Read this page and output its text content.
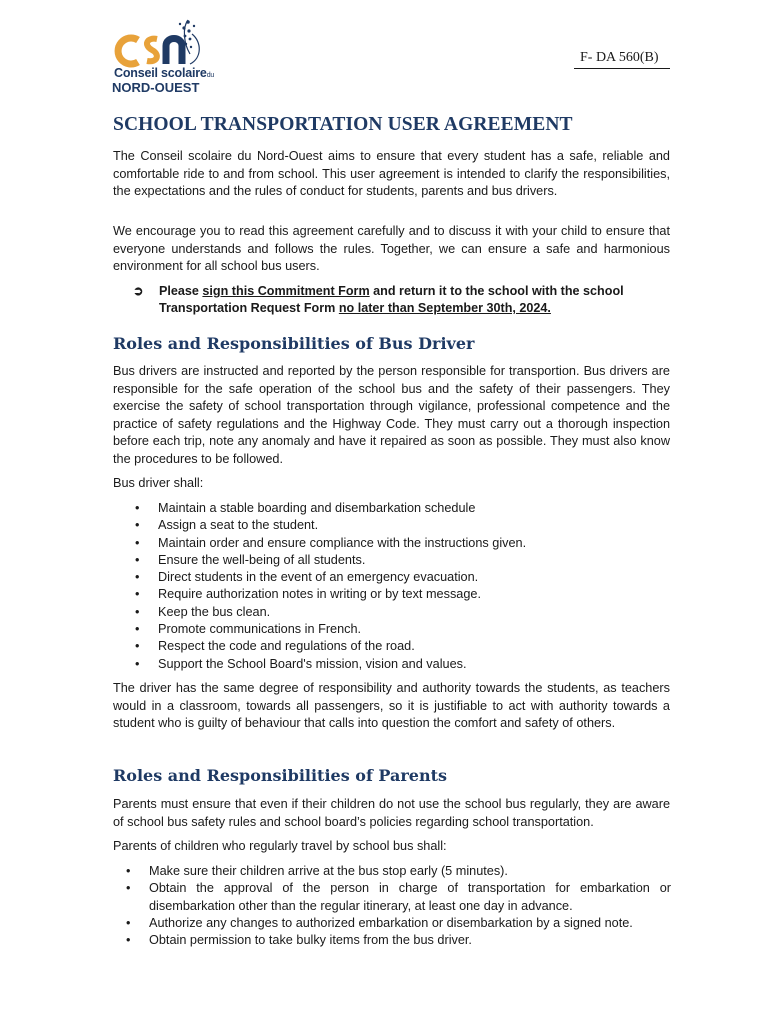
Conseil scolairedu
NORD-OUEST
F- DA 560(B)
SCHOOL TRANSPORTATION USER AGREEMENT

The Conseil scolaire du Nord-Ouest aims to ensure that every student has a safe, reliable and comfortable ride to and from school. This user agreement is intended to clarify the responsibilities, the expectations and the rules of conduct for students, parents and bus drivers.

We encourage you to read this agreement carefully and to discuss it with your child to ensure that everyone understands and follows the rules. Together, we can ensure a safe and harmonious environment for all school bus users.

➲ Please sign this Commitment Form and return it to the school with the school Transportation Request Form no later than September 30th, 2024.

Roles and Responsibilities of Bus Driver

Bus drivers are instructed and reported by the person responsible for transportion. Bus drivers are responsible for the safe operation of the school bus and the safety of their passengers. They exercise the safety of school transportation through vigilance, professional competence and the practice of safety regulations and the Highway Code. They must carry out a thorough inspection before each trip, note any anomaly and have it repaired as soon as possible. They must also know the procedures to be followed.

Bus driver shall:

• Maintain a stable boarding and disembarkation schedule
• Assign a seat to the student.
• Maintain order and ensure compliance with the instructions given.
• Ensure the well-being of all students.
• Direct students in the event of an emergency evacuation.
• Require authorization notes in writing or by text message.
• Keep the bus clean.
• Promote communications in French.
• Respect the code and regulations of the road.
• Support the School Board's mission, vision and values.

The driver has the same degree of responsibility and authority towards the students, as teachers would in a classroom, towards all passengers, so it is justifiable to act with authority towards a student who is guilty of behaviour that calls into question the comfort and safety of others.

Roles and Responsibilities of Parents

Parents must ensure that even if their children do not use the school bus regularly, they are aware of school bus safety rules and school board’s policies regarding school transportation.

Parents of children who regularly travel by school bus shall:

• Make sure their children arrive at the bus stop early (5 minutes).
• Obtain the approval of the person in charge of transportation for embarkation or disembarkation other than the regular itinerary, at least one day in advance.
• Authorize any changes to authorized embarkation or disembarkation by a signed note.
• Obtain permission to take bulky items from the bus driver.
